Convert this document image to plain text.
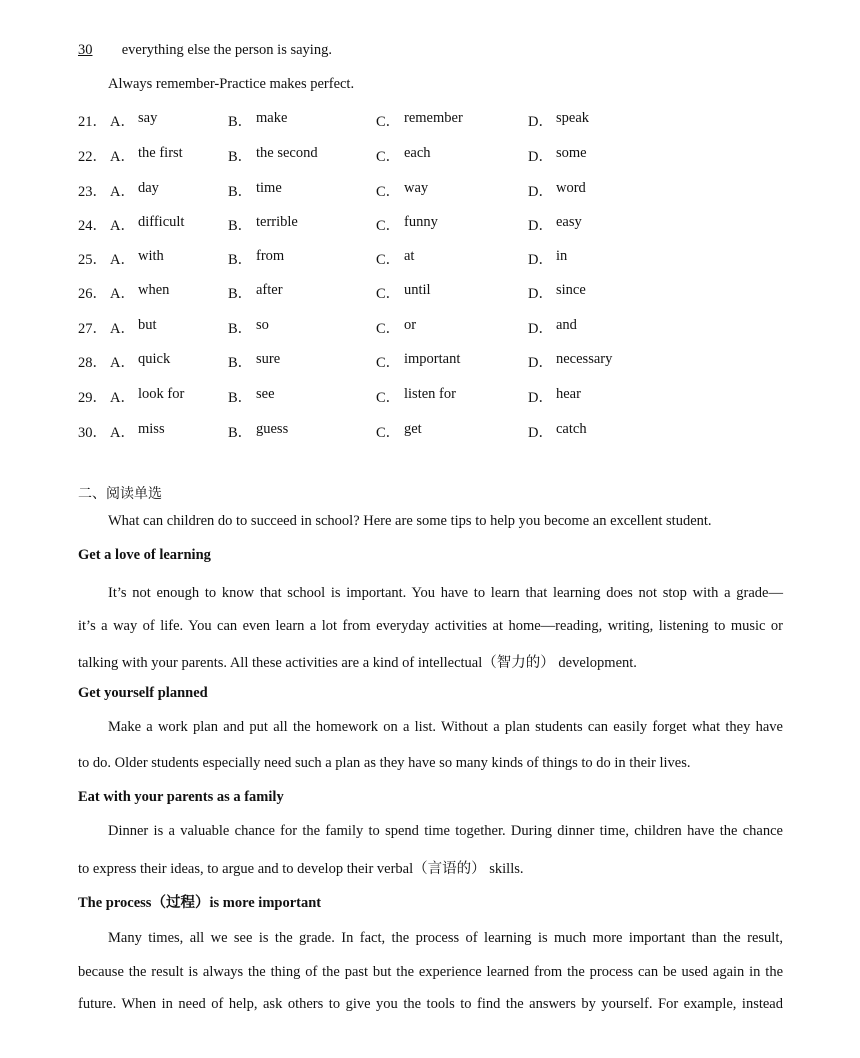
30 everything else the person is saying.
Always remember-Practice makes perfect.
21． A． say	B． make	C． remember	D． speak
22． A． the first	B． the second	C． each	D． some
23． A． day	B． time	C． way	D． word
24． A． difficult	B． terrible	C． funny	D． easy
25． A． with	B． from	C． at	D． in
26． A． when	B． after	C． until	D． since
27． A． but	B． so	C． or	D． and
28． A． quick	B． sure	C． important	D． necessary
29． A． look for	B． see	C． listen for	D． hear
30． A． miss	B． guess	C． get	D． catch
二、阅读单选
What can children do to succeed in school? Here are some tips to help you become an excellent student.
Get a love of learning
It’s not enough to know that school is important. You have to learn that learning does not stop with a grade—
it’s a way of life. You can even learn a lot from everyday activities at home—reading, writing, listening to music or
talking with your parents. All these activities are a kind of intellectual（智力的） development.
Get yourself planned
Make a work plan and put all the homework on a list. Without a plan students can easily forget what they have
to do. Older students especially need such a plan as they have so many kinds of things to do in their lives.
Eat with your parents as a family
Dinner is a valuable chance for the family to spend time together. During dinner time, children have the chance
to express their ideas, to argue and to develop their verbal（言语的） skills.
The process（过程）is more important
Many times, all we see is the grade. In fact, the process of learning is much more important than the result,
because the result is always the thing of the past but the experience learned from the process can be used again in the
future. When in need of help, ask others to give you the tools to find the answers by yourself. For example, instead
